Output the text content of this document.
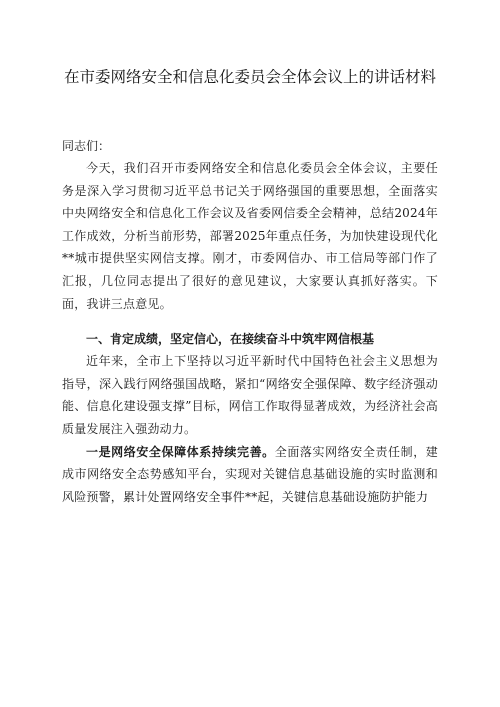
在市委网络安全和信息化委员会全体会议上的讲话材料
同志们：

今天，我们召开市委网络安全和信息化委员会全体会议，主要任务是深入学习贯彻习近平总书记关于网络强国的重要思想，全面落实中央网络安全和信息化工作会议及省委网信委全会精神，总结2024年工作成效，分析当前形势，部署2025年重点任务，为加快建设现代化**城市提供坚实网信支撑。刚才，市委网信办、市工信局等部门作了汇报，几位同志提出了很好的意见建议，大家要认真抓好落实。下面，我讲三点意见。

一、肯定成绩，坚定信心，在接续奋斗中筑牢网信根基

近年来，全市上下坚持以习近平新时代中国特色社会主义思想为指导，深入践行网络强国战略，紧扣“网络安全强保障、数字经济强动能、信息化建设强支撑”目标，网信工作取得显著成效，为经济社会高质量发展注入强劲动力。

一是网络安全保障体系持续完善。全面落实网络安全责任制，建成市网络安全态势感知平台，实现对关键信息基础设施的实时监测和风险预警，累计处置网络安全事件**起，关键信息基础设施防护能力
